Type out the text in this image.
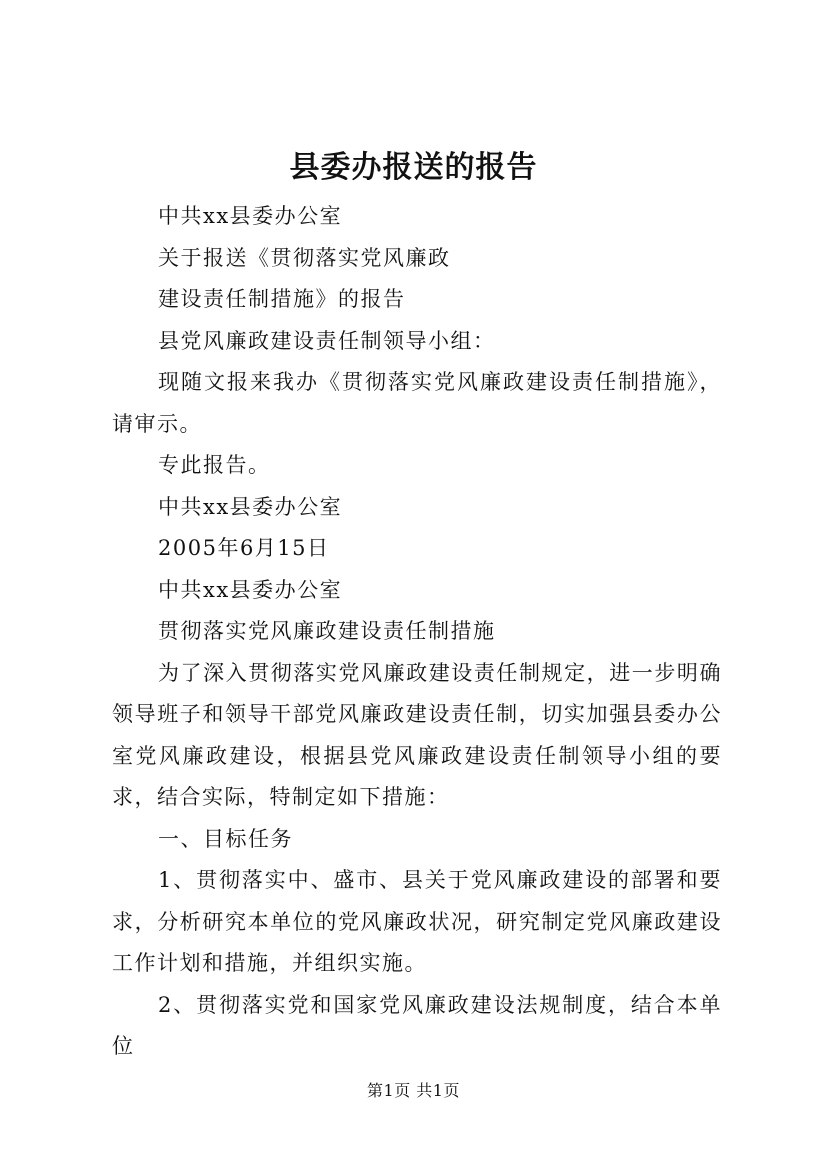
县委办报送的报告

中共xx县委办公室

关于报送《贯彻落实党风廉政

建设责任制措施》的报告

县党风廉政建设责任制领导小组：

现随文报来我办《贯彻落实党风廉政建设责任制措施》，请审示。

专此报告。

中共xx县委办公室

2005年6月15日

中共xx县委办公室

贯彻落实党风廉政建设责任制措施

为了深入贯彻落实党风廉政建设责任制规定，进一步明确领导班子和领导干部党风廉政建设责任制，切实加强县委办公室党风廉政建设，根据县党风廉政建设责任制领导小组的要求，结合实际，特制定如下措施：

一、目标任务

1、贯彻落实中、盛市、县关于党风廉政建设的部署和要求，分析研究本单位的党风廉政状况，研究制定党风廉政建设工作计划和措施，并组织实施。

2、贯彻落实党和国家党风廉政建设法规制度，结合本单位

第1页 共1页
